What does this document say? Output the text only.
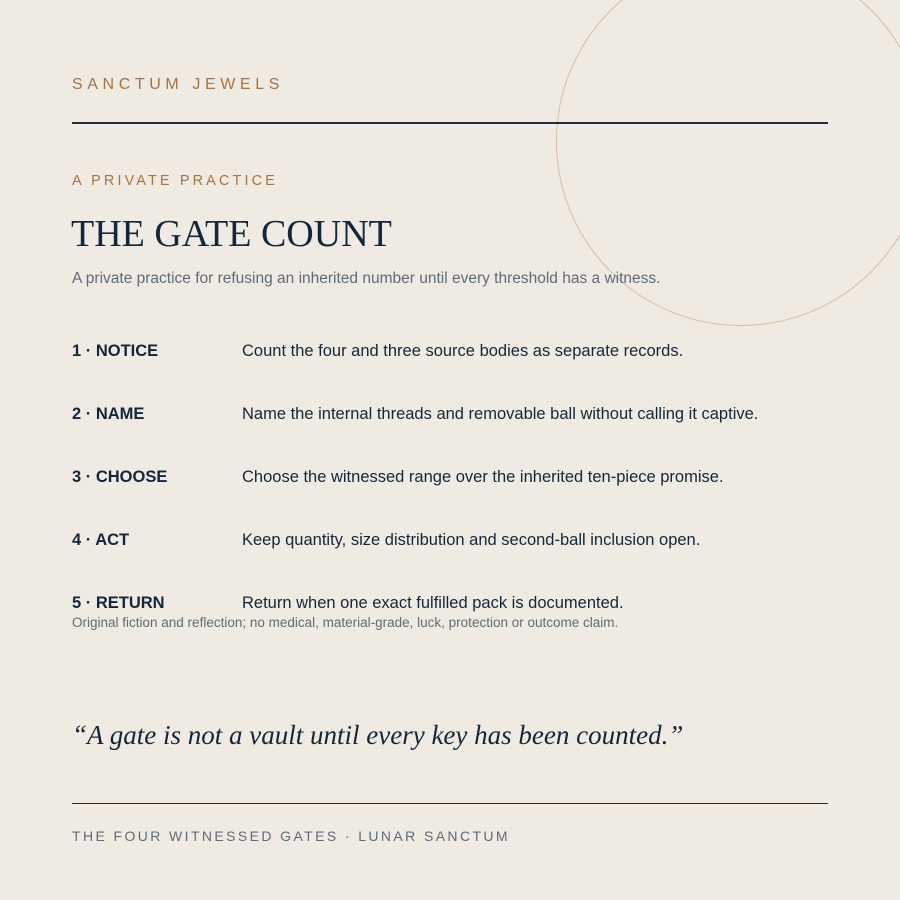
SANCTUM JEWELS
A PRIVATE PRACTICE
THE GATE COUNT
A private practice for refusing an inherited number until every threshold has a witness.
1 · NOTICE	Count the four and three source bodies as separate records.
2 · NAME	Name the internal threads and removable ball without calling it captive.
3 · CHOOSE	Choose the witnessed range over the inherited ten-piece promise.
4 · ACT	Keep quantity, size distribution and second-ball inclusion open.
5 · RETURN	Return when one exact fulfilled pack is documented.
Original fiction and reflection; no medical, material-grade, luck, protection or outcome claim.
“A gate is not a vault until every key has been counted.”
THE FOUR WITNESSED GATES · LUNAR SANCTUM
